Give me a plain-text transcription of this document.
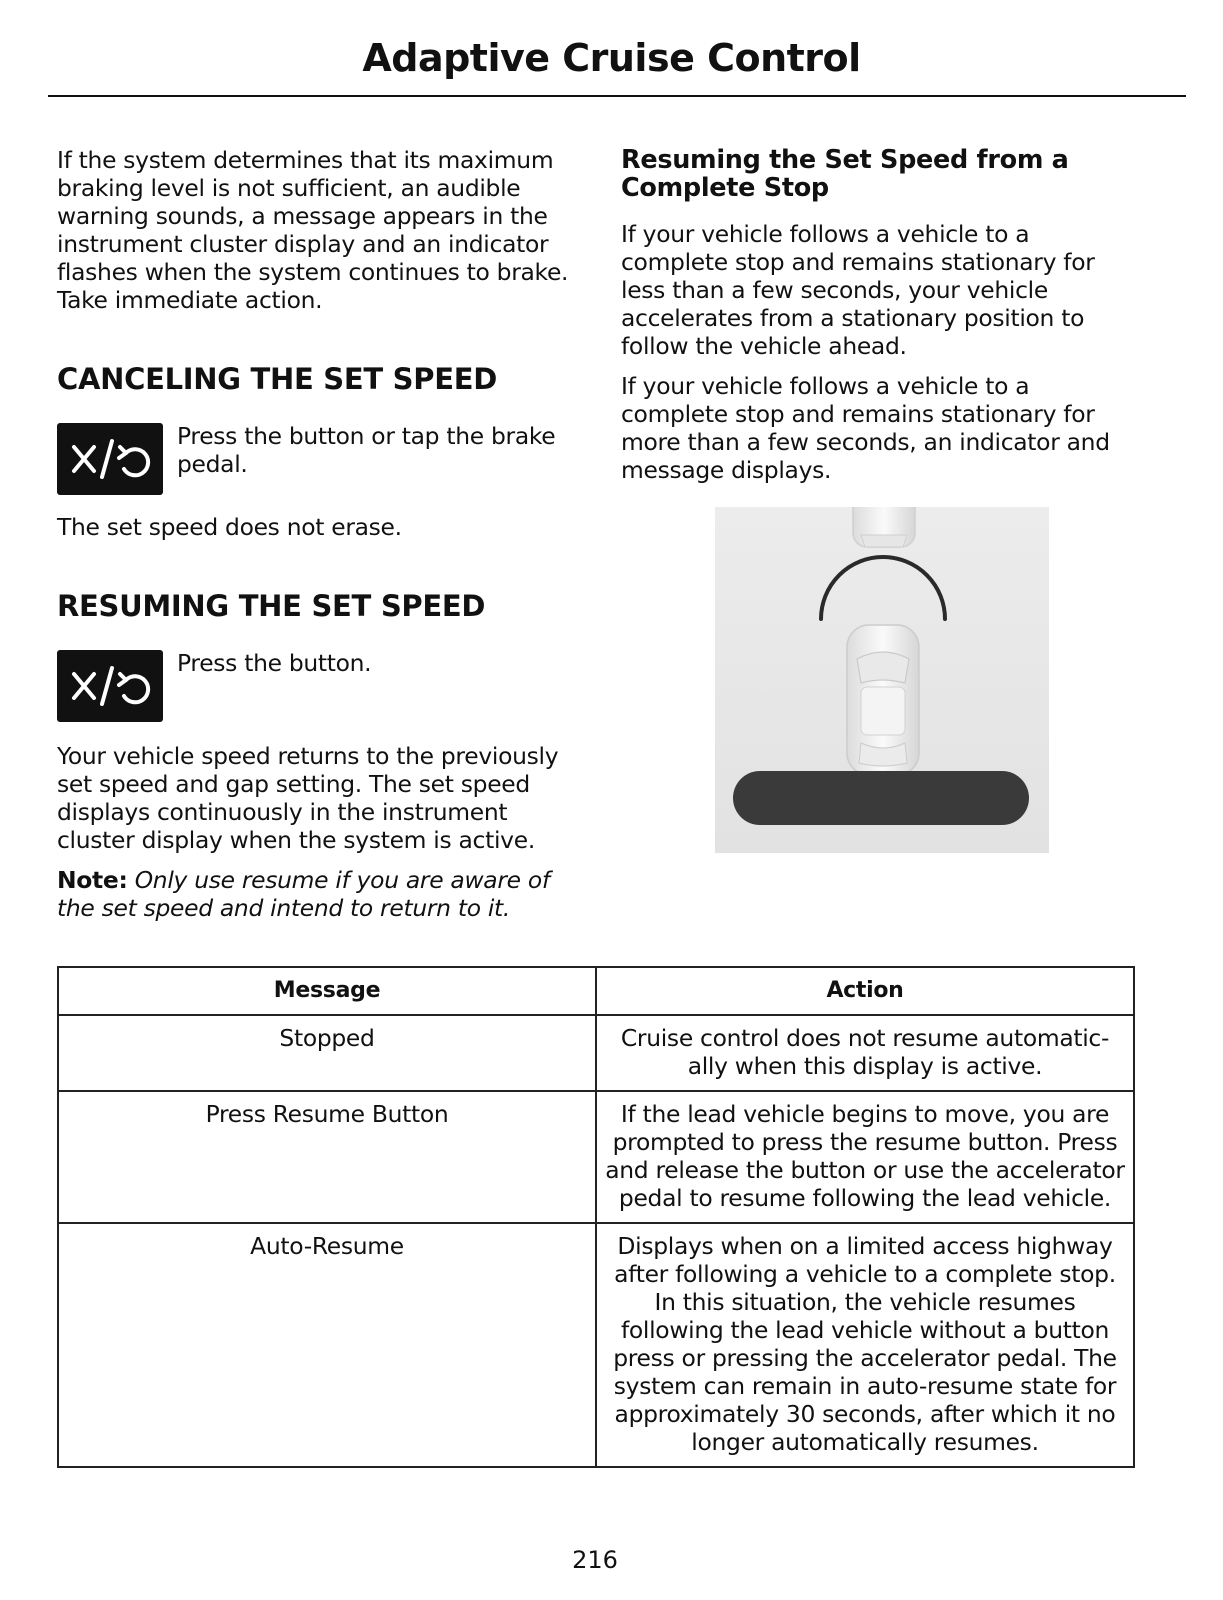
Adaptive Cruise Control

If the system determines that its maximum braking level is not sufficient, an audible warning sounds, a message appears in the instrument cluster display and an indicator flashes when the system continues to brake. Take immediate action.

CANCELING THE SET SPEED

Press the button or tap the brake pedal.

The set speed does not erase.

RESUMING THE SET SPEED

Press the button.

Your vehicle speed returns to the previously set speed and gap setting. The set speed displays continuously in the instrument cluster display when the system is active.

Note: Only use resume if you are aware of the set speed and intend to return to it.

Resuming the Set Speed from a Complete Stop

If your vehicle follows a vehicle to a complete stop and remains stationary for less than a few seconds, your vehicle accelerates from a stationary position to follow the vehicle ahead.

If your vehicle follows a vehicle to a complete stop and remains stationary for more than a few seconds, an indicator and message displays.

Message	Action
Stopped	Cruise control does not resume automatic-ally when this display is active.
Press Resume Button	If the lead vehicle begins to move, you are prompted to press the resume button. Press and release the button or use the accelerator pedal to resume following the lead vehicle.
Auto-Resume	Displays when on a limited access highway after following a vehicle to a complete stop. In this situation, the vehicle resumes following the lead vehicle without a button press or pressing the accelerator pedal. The system can remain in auto-resume state for approximately 30 seconds, after which it no longer automatically resumes.
216
